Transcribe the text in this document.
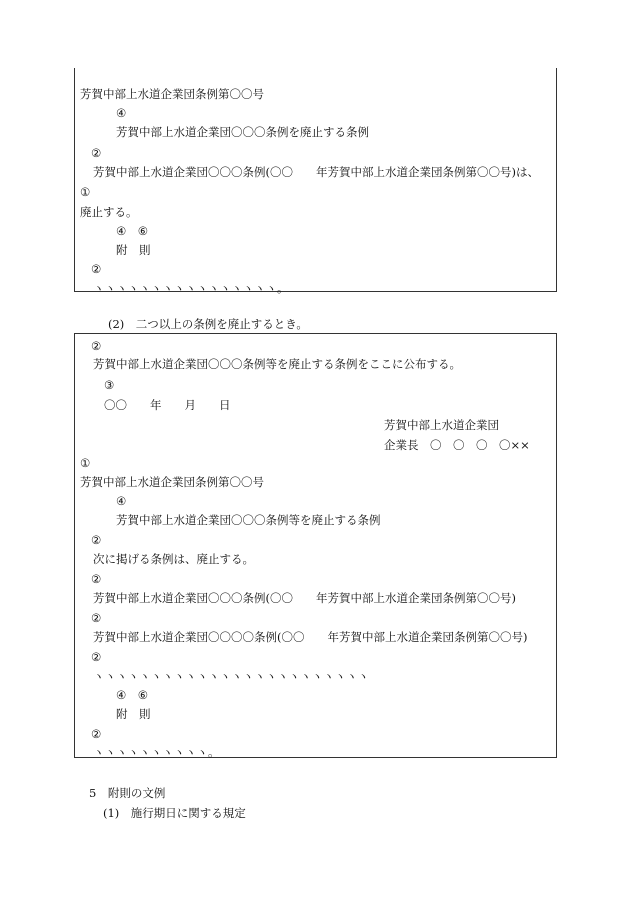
芳賀中部上水道企業団条例第〇〇号
④
芳賀中部上水道企業団〇〇〇条例を廃止する条例
②
芳賀中部上水道企業団〇〇〇条例(〇〇　　年芳賀中部上水道企業団条例第〇〇号)は、
①
廃止する。
④　⑥
附　則
②
ヽヽヽヽヽヽヽヽヽヽヽヽヽヽヽヽ。
(2)　二つ以上の条例を廃止するとき。
②
芳賀中部上水道企業団〇〇〇条例等を廃止する条例をここに公布する。
③
〇〇　　年　　月　　日
芳賀中部上水道企業団
企業長　〇　〇　〇　〇××
①
芳賀中部上水道企業団条例第〇〇号
④
芳賀中部上水道企業団〇〇〇条例等を廃止する条例
②
次に掲げる条例は、廃止する。
②
芳賀中部上水道企業団〇〇〇条例(〇〇　　年芳賀中部上水道企業団条例第〇〇号)
②
芳賀中部上水道企業団〇〇〇〇条例(〇〇　　年芳賀中部上水道企業団条例第〇〇号)
②
ヽヽヽヽヽヽヽヽヽヽヽヽヽヽヽヽヽヽヽヽヽヽヽヽ
④　⑥
附　則
②
ヽヽヽヽヽヽヽヽヽヽ。
5　附則の文例
(1)　施行期日に関する規定
